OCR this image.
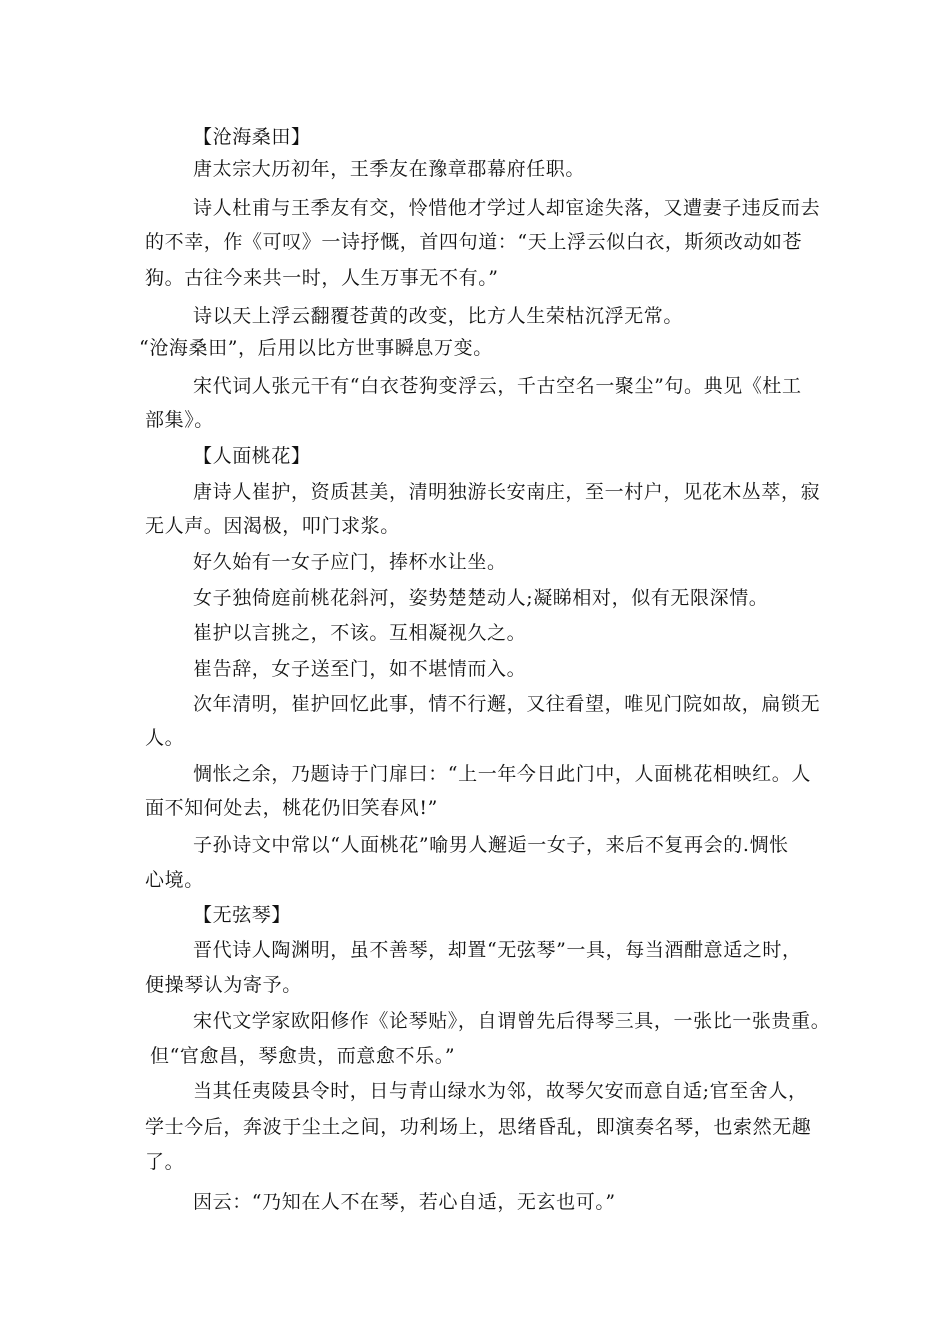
【沧海桑田】
唐太宗大历初年，王季友在豫章郡幕府任职。
诗人杜甫与王季友有交，怜惜他才学过人却宦途失落，又遭妻子违反而去
的不幸，作《可叹》一诗抒慨，首四句道：“天上浮云似白衣，斯须改动如苍
狗。古往今来共一时，人生万事无不有。”
诗以天上浮云翻覆苍黄的改变，比方人生荣枯沉浮无常。
“沧海桑田”，后用以比方世事瞬息万变。
宋代词人张元干有“白衣苍狗变浮云，千古空名一聚尘”句。典见《杜工
部集》。
【人面桃花】
唐诗人崔护，资质甚美，清明独游长安南庄，至一村户，见花木丛萃，寂
无人声。因渴极，叩门求浆。
好久始有一女子应门，捧杯水让坐。
女子独倚庭前桃花斜河，姿势楚楚动人;凝睇相对，似有无限深情。
崔护以言挑之，不该。互相凝视久之。
崔告辞，女子送至门，如不堪情而入。
次年清明，崔护回忆此事，情不行邂，又往看望，唯见门院如故，扁锁无
人。
惆怅之余，乃题诗于门扉曰：“上一年今日此门中，人面桃花相映红。人
面不知何处去，桃花仍旧笑春风!”
子孙诗文中常以“人面桃花”喻男人邂逅一女子，来后不复再会的.惆怅
心境。
【无弦琴】
晋代诗人陶渊明，虽不善琴，却置“无弦琴”一具，每当酒酣意适之时，
便操琴认为寄予。
宋代文学家欧阳修作《论琴贴》，自谓曾先后得琴三具，一张比一张贵重。
但“官愈昌，琴愈贵，而意愈不乐。”
当其任夷陵县令时，日与青山绿水为邻，故琴欠安而意自适;官至舍人，
学士今后，奔波于尘土之间，功利场上，思绪昏乱，即演奏名琴，也索然无趣
了。
因云：“乃知在人不在琴，若心自适，无玄也可。”
